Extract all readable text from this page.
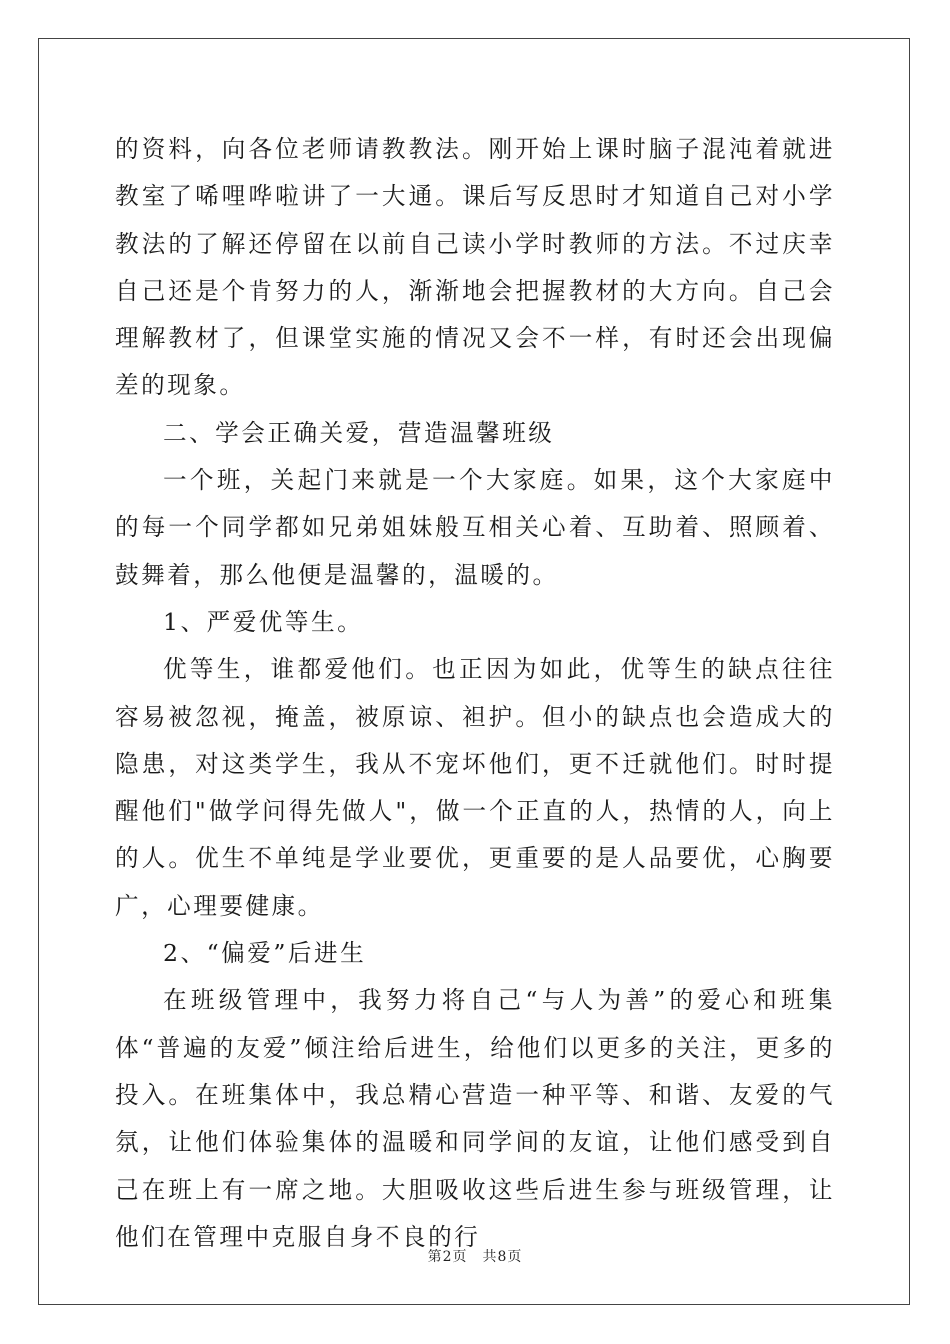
的资料，向各位老师请教教法。刚开始上课时脑子混沌着就进教室了唏哩哗啦讲了一大通。课后写反思时才知道自己对小学教法的了解还停留在以前自己读小学时教师的方法。不过庆幸自己还是个肯努力的人，渐渐地会把握教材的大方向。自己会理解教材了，但课堂实施的情况又会不一样，有时还会出现偏差的现象。

二、学会正确关爱，营造温馨班级

一个班，关起门来就是一个大家庭。如果，这个大家庭中的每一个同学都如兄弟姐妹般互相关心着、互助着、照顾着、鼓舞着，那么他便是温馨的，温暖的。

1、严爱优等生。

优等生，谁都爱他们。也正因为如此，优等生的缺点往往容易被忽视，掩盖，被原谅、袒护。但小的缺点也会造成大的隐患，对这类学生，我从不宠坏他们，更不迁就他们。时时提醒他们"做学问得先做人"，做一个正直的人，热情的人，向上的人。优生不单纯是学业要优，更重要的是人品要优，心胸要广，心理要健康。

2、“偏爱”后进生

在班级管理中，我努力将自己“与人为善”的爱心和班集体“普遍的友爱”倾注给后进生，给他们以更多的关注，更多的投入。在班集体中，我总精心营造一种平等、和谐、友爱的气氛，让他们体验集体的温暖和同学间的友谊，让他们感受到自己在班上有一席之地。大胆吸收这些后进生参与班级管理，让他们在管理中克服自身不良的行

第2页　共8页
